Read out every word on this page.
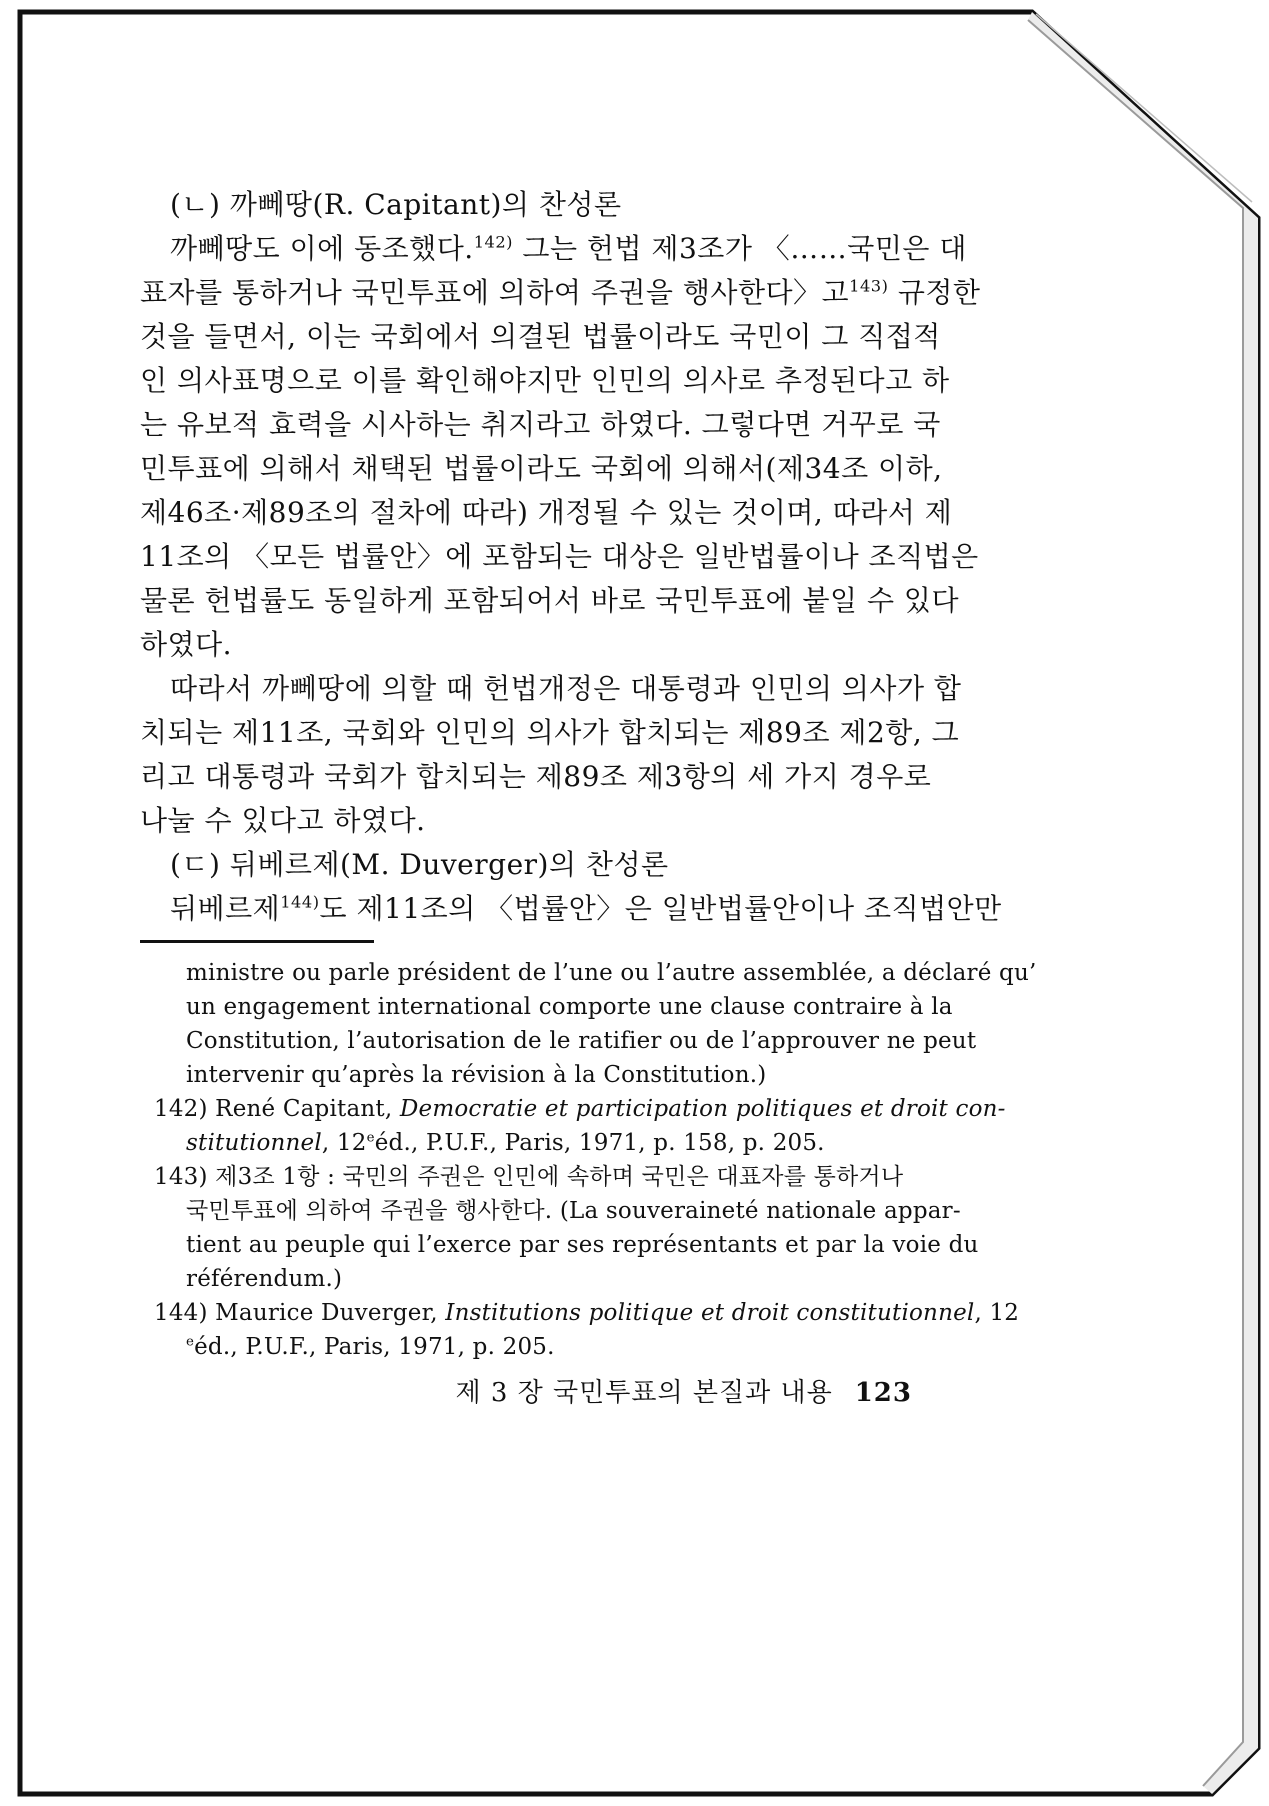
(ㄴ) 까뻬땅(R. Capitant)의 찬성론
까뻬땅도 이에 동조했다.$^{142)}$ 그는 헌법 제3조가 〈……국민은 대
표자를 통하거나 국민투표에 의하여 주권을 행사한다〉고$^{143)}$ 규정한
것을 들면서, 이는 국회에서 의결된 법률이라도 국민이 그 직접적
인 의사표명으로 이를 확인해야지만 인민의 의사로 추정된다고 하
는 유보적 효력을 시사하는 취지라고 하였다. 그렇다면 거꾸로 국
민투표에 의해서 채택된 법률이라도 국회에 의해서(제34조 이하,
제46조·제89조의 절차에 따라) 개정될 수 있는 것이며, 따라서 제
11조의 〈모든 법률안〉에 포함되는 대상은 일반법률이나 조직법은
물론 헌법률도 동일하게 포함되어서 바로 국민투표에 붙일 수 있다
하였다.
따라서 까뻬땅에 의할 때 헌법개정은 대통령과 인민의 의사가 합
치되는 제11조, 국회와 인민의 의사가 합치되는 제89조 제2항, 그
리고 대통령과 국회가 합치되는 제89조 제3항의 세 가지 경우로
나눌 수 있다고 하였다.
(ㄷ) 뒤베르제(M. Duverger)의 찬성론
뒤베르제$^{144)}$도 제11조의 〈법률안〉은 일반법률안이나 조직법안만
ministre ou parle président de l’une ou l’autre assemblée, a déclaré qu’
un engagement international comporte une clause contraire à la
Constitution, l’autorisation de le ratifier ou de l’approuver ne peut
intervenir qu’après la révision à la Constitution.)
142) René Capitant, Democratie et participation politiques et droit con-
stitutionnel, 12eéd., P.U.F., Paris, 1971, p. 158, p. 205.
143) 제3조 1항 : 국민의 주권은 인민에 속하며 국민은 대표자를 통하거나
국민투표에 의하여 주권을 행사한다. (La souveraineté nationale appar-
tient au peuple qui l’exerce par ses représentants et par la voie du
référendum.)
144) Maurice Duverger, Institutions politique et droit constitutionnel, 12
$^e$éd., P.U.F., Paris, 1971, p. 205.
제 3 장 국민투표의 본질과 내용 123
